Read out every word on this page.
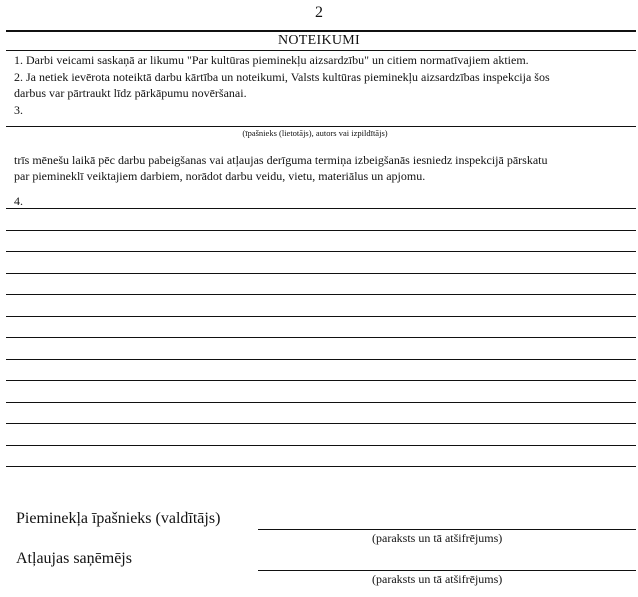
2
NOTEIKUMI
1. Darbi veicami saskaņā ar likumu "Par kultūras pieminekļu aizsardzību" un citiem normatīvajiem aktiem.
2. Ja netiek ievērota noteiktā darbu kārtība un noteikumi, Valsts kultūras pieminekļu aizsardzības inspekcija šos
darbus var pārtraukt līdz pārkāpumu novēršanai.
3.
(īpašnieks (lietotājs), autors vai izpildītājs)
trīs mēnešu laikā pēc darbu pabeigšanas vai atļaujas derīguma termiņa izbeigšanās iesniedz inspekcijā pārskatu
par piemineklī veiktajiem darbiem, norādot darbu veidu, vietu, materiālus un apjomu.
4.
Pieminekļa īpašnieks (valdītājs)
(paraksts un tā atšifrējums)
Atļaujas saņēmējs
(paraksts un tā atšifrējums)
